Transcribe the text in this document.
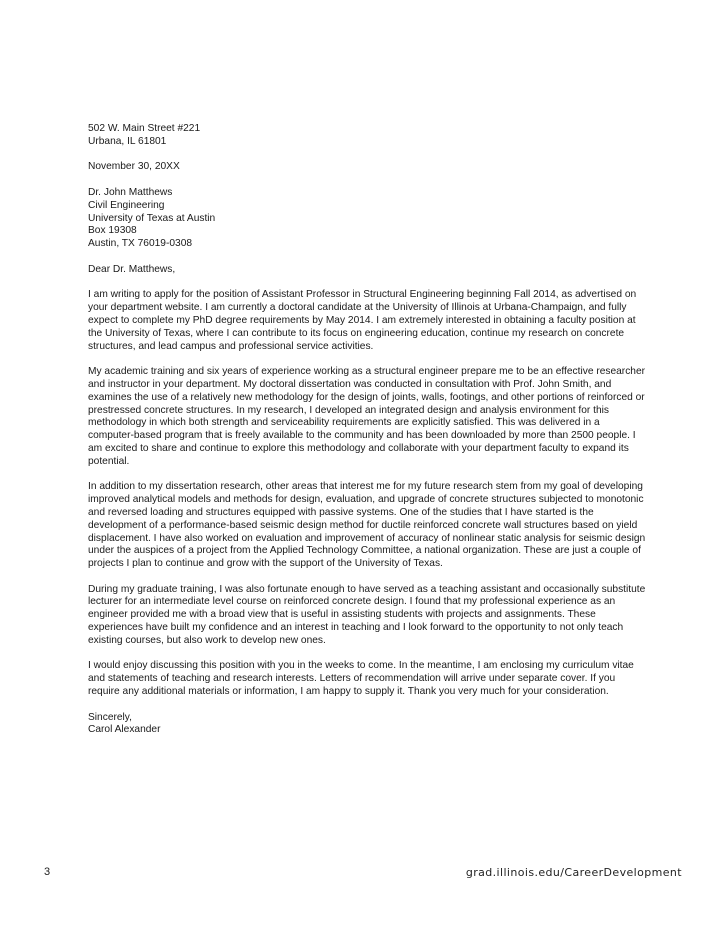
502 W. Main Street #221
Urbana, IL 61801
November 30, 20XX
Dr. John Matthews
Civil Engineering
University of Texas at Austin
Box 19308
Austin, TX 76019-0308
Dear Dr. Matthews,

I am writing to apply for the position of Assistant Professor in Structural Engineering beginning Fall 2014, as advertised on your department website. I am currently a doctoral candidate at the University of Illinois at Urbana-Champaign, and fully expect to complete my PhD degree requirements by May 2014. I am extremely interested in obtaining a faculty position at the University of Texas, where I can contribute to its focus on engineering education, continue my research on concrete structures, and lead campus and professional service activities.

My academic training and six years of experience working as a structural engineer prepare me to be an effective researcher and instructor in your department. My doctoral dissertation was conducted in consultation with Prof. John Smith, and examines the use of a relatively new methodology for the design of joints, walls, footings, and other portions of reinforced or prestressed concrete structures. In my research, I developed an integrated design and analysis environment for this methodology in which both strength and serviceability requirements are explicitly satisfied. This was delivered in a computer-based program that is freely available to the community and has been downloaded by more than 2500 people. I am excited to share and continue to explore this methodology and collaborate with your department faculty to expand its potential.

In addition to my dissertation research, other areas that interest me for my future research stem from my goal of developing improved analytical models and methods for design, evaluation, and upgrade of concrete structures subjected to monotonic and reversed loading and structures equipped with passive systems. One of the studies that I have started is the development of a performance-based seismic design method for ductile reinforced concrete wall structures based on yield displacement. I have also worked on evaluation and improvement of accuracy of nonlinear static analysis for seismic design under the auspices of a project from the Applied Technology Committee, a national organization. These are just a couple of projects I plan to continue and grow with the support of the University of Texas.

During my graduate training, I was also fortunate enough to have served as a teaching assistant and occasionally substitute lecturer for an intermediate level course on reinforced concrete design. I found that my professional experience as an engineer provided me with a broad view that is useful in assisting students with projects and assignments. These experiences have built my confidence and an interest in teaching and I look forward to the opportunity to not only teach existing courses, but also work to develop new ones.

I would enjoy discussing this position with you in the weeks to come. In the meantime, I am enclosing my curriculum vitae and statements of teaching and research interests. Letters of recommendation will arrive under separate cover. If you require any additional materials or information, I am happy to supply it. Thank you very much for your consideration.

Sincerely,
Carol Alexander
3	grad.illinois.edu/CareerDevelopment
